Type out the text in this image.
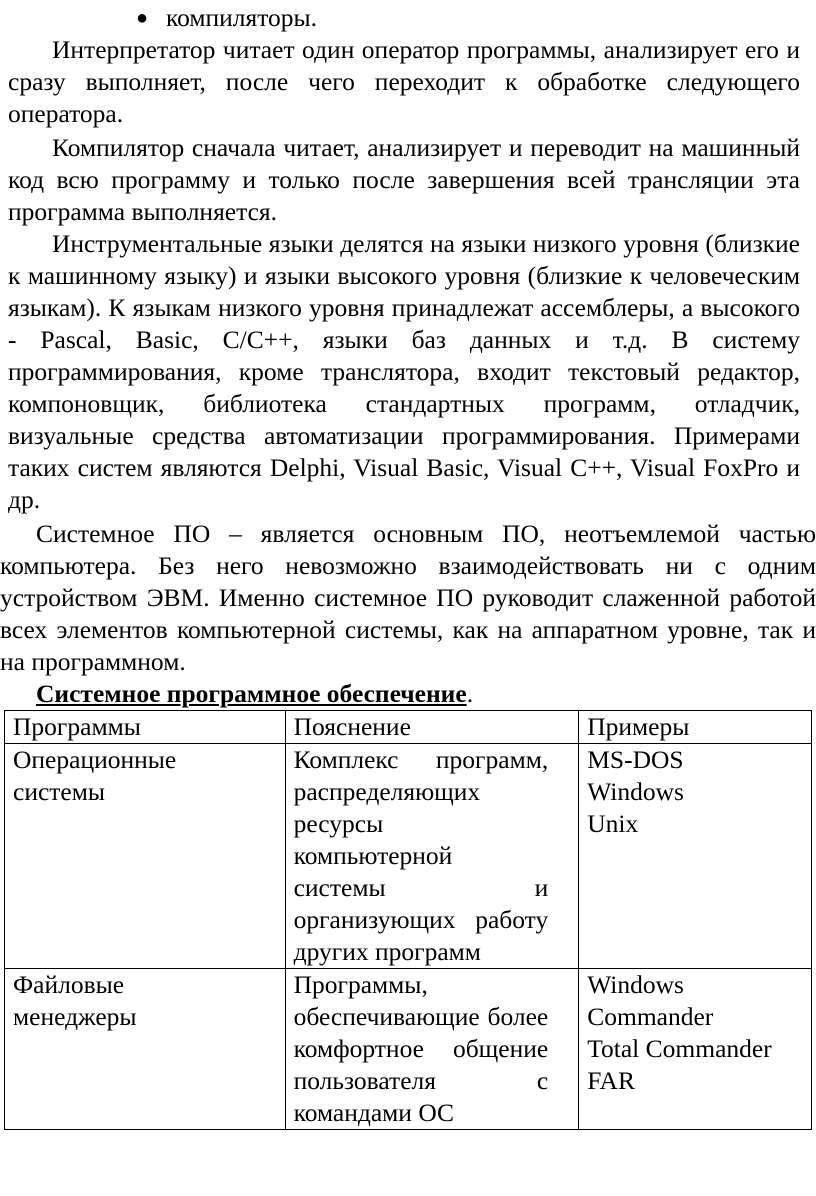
● компиляторы.
Интерпретатор читает один оператор программы, анализирует его и сразу выполняет, после чего переходит к обработке следующего оператора.
Компилятор сначала читает, анализирует и переводит на машинный код всю программу и только после завершения всей трансляции эта программа выполняется.
Инструментальные языки делятся на языки низкого уровня (близкие к машинному языку) и языки высокого уровня (близкие к человеческим языкам). К языкам низкого уровня принадлежат ассемблеры, а высокого - Pascal, Basic, C/C++, языки баз данных и т.д. В систему программирования, кроме транслятора, входит текстовый редактор, компоновщик, библиотека стандартных программ, отладчик, визуальные средства автоматизации программирования. Примерами таких систем являются Delphi, Visual Basic, Visual C++, Visual FoxPro и др.
Системное ПО – является основным ПО, неотъемлемой частью компьютера. Без него невозможно взаимодействовать ни с одним устройством ЭВМ. Именно системное ПО руководит слаженной работой всех элементов компьютерной системы, как на аппаратном уровне, так и на программном.
Системное программное обеспечение.
Программы	Пояснение	Примеры
Операционные системы	Комплекс программ, распределяющих ресурсы компьютерной системы и организующих работу других программ	MS-DOS
Windows
Unix

Файловые менеджеры	Программы, обеспечивающие более комфортное общение пользователя с командами ОС	Windows Commander
Total Commander
FAR
